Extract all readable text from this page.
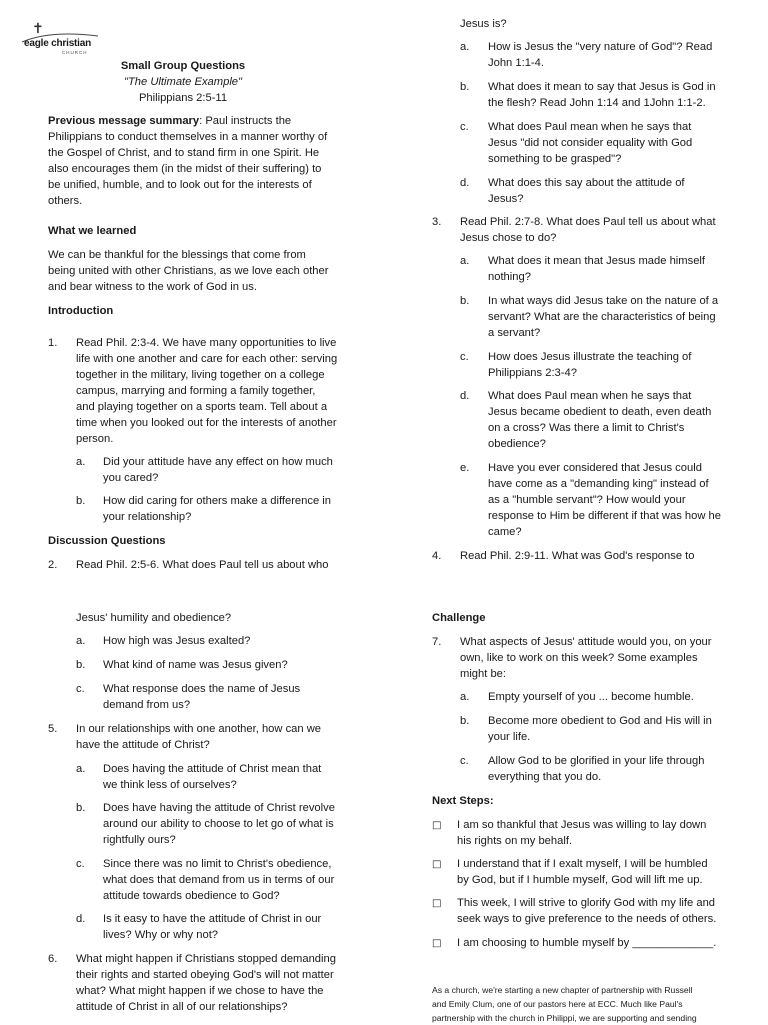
✝
eagle christian
CHURCH
Small Group Questions
"The Ultimate Example"
Philippians 2:5-11
Previous message summary: Paul instructs the
Philippians to conduct themselves in a manner worthy of
the Gospel of Christ, and to stand firm in one Spirit. He
also encourages them (in the midst of their suffering) to
be unified, humble, and to look out for the interests of
others.
What we learned
We can be thankful for the blessings that come from
being united with other Christians, as we love each other
and bear witness to the work of God in us.
Introduction
1. Read Phil. 2:3-4. We have many opportunities to live
life with one another and care for each other: serving
together in the military, living together on a college
campus, marrying and forming a family together,
and playing together on a sports team. Tell about a
time when you looked out for the interests of another
person.
a. Did your attitude have any effect on how much
you cared?
b. How did caring for others make a difference in
your relationship?
Discussion Questions
2. Read Phil. 2:5-6. What does Paul tell us about who
Jesus is?
a. How is Jesus the "very nature of God"? Read
John 1:1-4.
b. What does it mean to say that Jesus is God in
the flesh? Read John 1:14 and 1John 1:1-2.
c. What does Paul mean when he says that
Jesus "did not consider equality with God
something to be grasped"?
d. What does this say about the attitude of
Jesus?
3. Read Phil. 2:7-8. What does Paul tell us about what
Jesus chose to do?
a. What does it mean that Jesus made himself
nothing?
b. In what ways did Jesus take on the nature of a
servant? What are the characteristics of being
a servant?
c. How does Jesus illustrate the teaching of
Philippians 2:3-4?
d. What does Paul mean when he says that
Jesus became obedient to death, even death
on a cross? Was there a limit to Christ's
obedience?
e. Have you ever considered that Jesus could
have come as a "demanding king" instead of
as a "humble servant"? How would your
response to Him be different if that was how he
came?
4. Read Phil. 2:9-11. What was God's response to
Jesus' humility and obedience?
a. How high was Jesus exalted?
b. What kind of name was Jesus given?
c. What response does the name of Jesus
demand from us?
5. In our relationships with one another, how can we
have the attitude of Christ?
a. Does having the attitude of Christ mean that
we think less of ourselves?
b. Does have having the attitude of Christ revolve
around our ability to choose to let go of what is
rightfully ours?
c. Since there was no limit to Christ's obedience,
what does that demand from us in terms of our
attitude towards obedience to God?
d. Is it easy to have the attitude of Christ in our
lives? Why or why not?
6. What might happen if Christians stopped demanding
their rights and started obeying God's will not matter
what? What might happen if we chose to have the
attitude of Christ in all of our relationships?
Challenge
7. What aspects of Jesus' attitude would you, on your
own, like to work on this week? Some examples
might be:
a. Empty yourself of you ... become humble.
b. Become more obedient to God and His will in
your life.
c. Allow God to be glorified in your life through
everything that you do.
Next Steps:
□ I am so thankful that Jesus was willing to lay down
his rights on my behalf.
□ I understand that if I exalt myself, I will be humbled
by God, but if I humble myself, God will lift me up.
□ This week, I will strive to glorify God with my life and
seek ways to give preference to the needs of others.
□ I am choosing to humble myself by _____________.
As a church, we're starting a new chapter of partnership with Russell
and Emily Clum, one of our pastors here at ECC. Much like Paul's
partnership with the church in Philippi, we are supporting and sending
